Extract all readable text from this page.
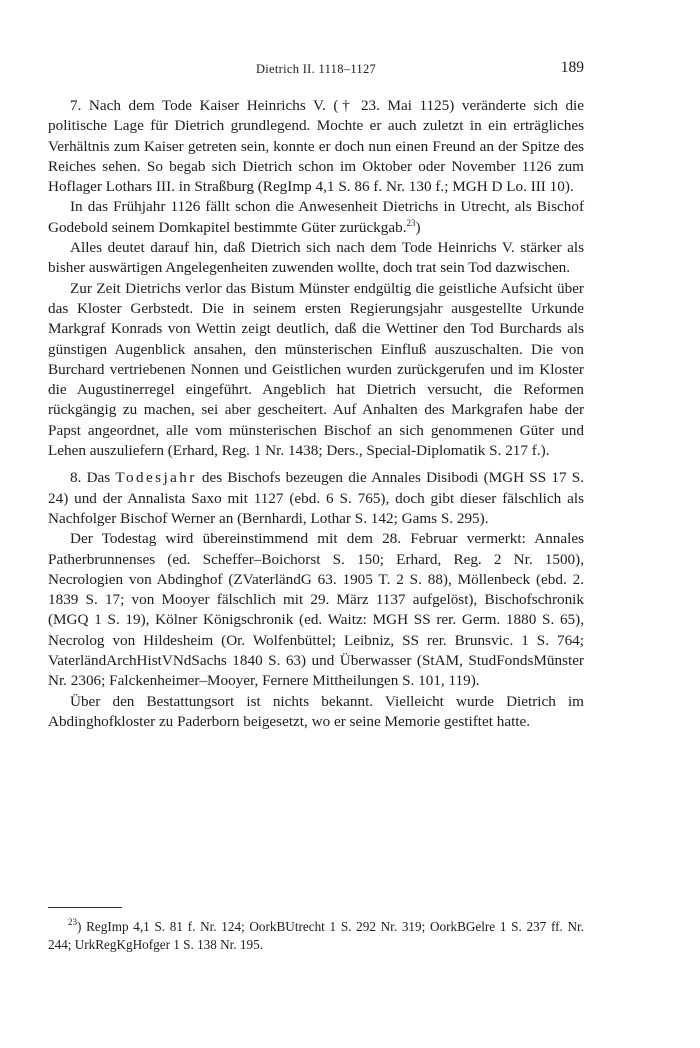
Dietrich II. 1118–1127	189

7. Nach dem Tode Kaiser Heinrichs V. († 23. Mai 1125) veränderte sich die politische Lage für Dietrich grundlegend. Mochte er auch zuletzt in ein erträgliches Verhältnis zum Kaiser getreten sein, konnte er doch nun einen Freund an der Spitze des Reiches sehen. So begab sich Dietrich schon im Oktober oder November 1126 zum Hoflager Lothars III. in Straßburg (RegImp 4,1 S. 86 f. Nr. 130 f.; MGH D Lo. III 10).

In das Frühjahr 1126 fällt schon die Anwesenheit Dietrichs in Utrecht, als Bischof Godebold seinem Domkapitel bestimmte Güter zurückgab.$^{23}$)

Alles deutet darauf hin, daß Dietrich sich nach dem Tode Heinrichs V. stärker als bisher auswärtigen Angelegenheiten zuwenden wollte, doch trat sein Tod dazwischen.

Zur Zeit Dietrichs verlor das Bistum Münster endgültig die geistliche Aufsicht über das Kloster Gerbstedt. Die in seinem ersten Regierungsjahr ausgestellte Urkunde Markgraf Konrads von Wettin zeigt deutlich, daß die Wettiner den Tod Burchards als günstigen Augenblick ansahen, den münsterischen Einfluß auszuschalten. Die von Burchard vertriebenen Nonnen und Geistlichen wurden zurückgerufen und im Kloster die Augustinerregel eingeführt. Angeblich hat Dietrich versucht, die Reformen rückgängig zu machen, sei aber gescheitert. Auf Anhalten des Markgrafen habe der Papst angeordnet, alle vom münsterischen Bischof an sich genommenen Güter und Lehen auszuliefern (Erhard, Reg. 1 Nr. 1438; Ders., Special-Diplomatik S. 217 f.).

8. Das Todesjahr des Bischofs bezeugen die Annales Disibodi (MGH SS 17 S. 24) und der Annalista Saxo mit 1127 (ebd. 6 S. 765), doch gibt dieser fälschlich als Nachfolger Bischof Werner an (Bernhardi, Lothar S. 142; Gams S. 295).

Der Todestag wird übereinstimmend mit dem 28. Februar vermerkt: Annales Patherbrunnenses (ed. Scheffer–Boichorst S. 150; Erhard, Reg. 2 Nr. 1500), Necrologien von Abdinghof (ZVaterländG 63. 1905 T. 2 S. 88), Möllenbeck (ebd. 2. 1839 S. 17; von Mooyer fälschlich mit 29. März 1137 aufgelöst), Bischofschronik (MGQ 1 S. 19), Kölner Königschronik (ed. Waitz: MGH SS rer. Germ. 1880 S. 65), Necrolog von Hildesheim (Or. Wolfenbüttel; Leibniz, SS rer. Brunsvic. 1 S. 764; VaterländArchHistVNdSachs 1840 S. 63) und Überwasser (StAM, StudFondsMünster Nr. 2306; Falckenheimer–Mooyer, Fernere Mittheilungen S. 101, 119).

Über den Bestattungsort ist nichts bekannt. Vielleicht wurde Dietrich im Abdinghofkloster zu Paderborn beigesetzt, wo er seine Memorie gestiftet hatte.

$^{23}$) RegImp 4,1 S. 81 f. Nr. 124; OorkBUtrecht 1 S. 292 Nr. 319; OorkBGelre 1 S. 237 ff. Nr. 244; UrkRegKgHofger 1 S. 138 Nr. 195.
